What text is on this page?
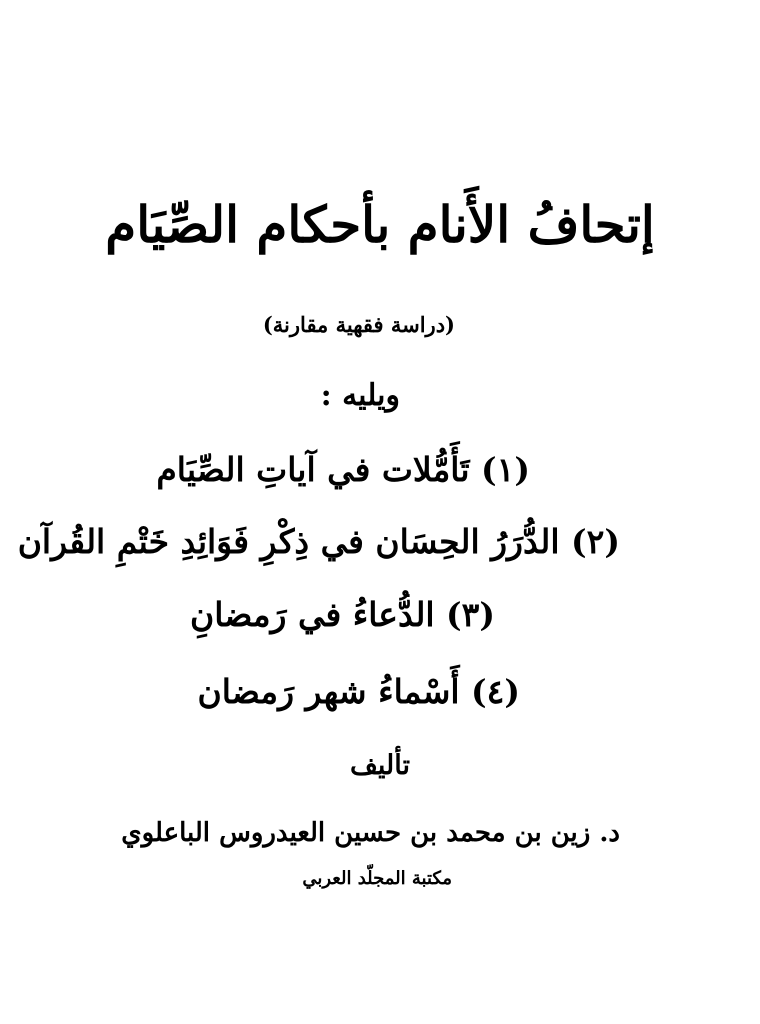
إتحافُ الأَنام بأحكام الصِّيَام
(دراسة فقهية مقارنة)
ويليه :
(١) تَأَمُّلات في آياتِ الصِّيَام
(٢) الدُّرَرُ الحِسَان في ذِكْرِ فَوَائِدِ خَتْمِ القُرآن
(٣) الدُّعاءُ في رَمضانِ
(٤) أَسْماءُ شهر رَمضان
تأليف
د. زين بن محمد بن حسين العيدروس الباعلوي
مكتبة المجلّد العربي
